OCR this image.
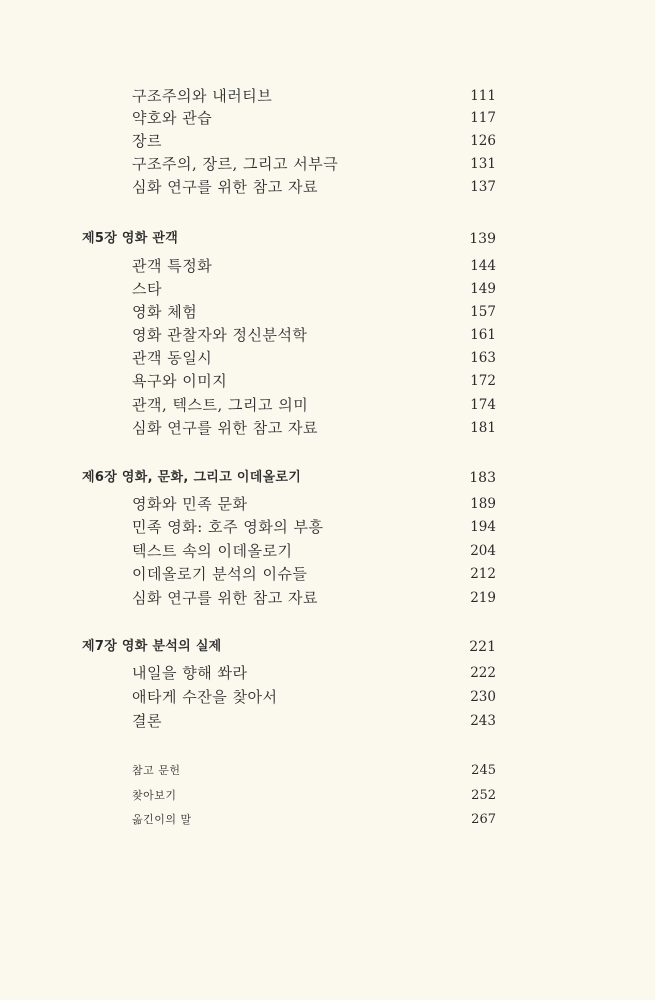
구조주의와 내러티브	111
약호와 관습	117
장르	126
구조주의, 장르, 그리고 서부극	131
심화 연구를 위한 참고 자료	137
제5장 영화 관객	139
관객 특정화	144
스타	149
영화 체험	157
영화 관찰자와 정신분석학	161
관객 동일시	163
욕구와 이미지	172
관객, 텍스트, 그리고 의미	174
심화 연구를 위한 참고 자료	181
제6장 영화, 문화, 그리고 이데올로기	183
영화와 민족 문화	189
민족 영화: 호주 영화의 부흥	194
텍스트 속의 이데올로기	204
이데올로기 분석의 이슈들	212
심화 연구를 위한 참고 자료	219
제7장 영화 분석의 실제	221
내일을 향해 쏴라	222
애타게 수잔을 찾아서	230
결론	243
참고 문헌	245
찾아보기	252
옮긴이의 말	267
